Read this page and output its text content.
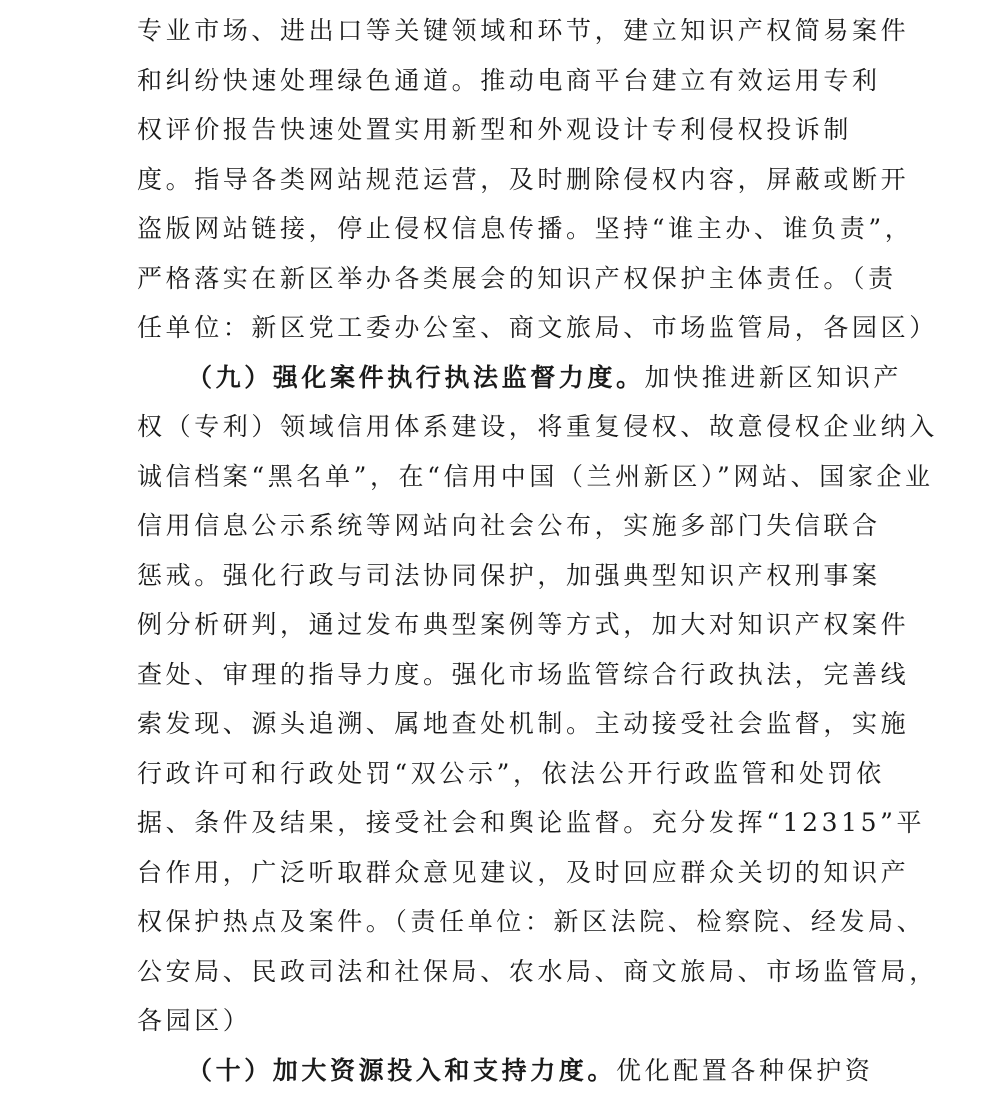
专业市场、进出口等关键领域和环节，建立知识产权简易案件
和纠纷快速处理绿色通道。推动电商平台建立有效运用专利
权评价报告快速处置实用新型和外观设计专利侵权投诉制
度。指导各类网站规范运营，及时删除侵权内容，屏蔽或断开
盗版网站链接，停止侵权信息传播。坚持“谁主办、谁负责”，
严格落实在新区举办各类展会的知识产权保护主体责任。（责
任单位：新区党工委办公室、商文旅局、市场监管局，各园区）
（九）强化案件执行执法监督力度。加快推进新区知识产
权（专利）领域信用体系建设，将重复侵权、故意侵权企业纳入
诚信档案“黑名单”，在“信用中国（兰州新区）”网站、国家企业
信用信息公示系统等网站向社会公布，实施多部门失信联合
惩戒。强化行政与司法协同保护，加强典型知识产权刑事案
例分析研判，通过发布典型案例等方式，加大对知识产权案件
查处、审理的指导力度。强化市场监管综合行政执法，完善线
索发现、源头追溯、属地查处机制。主动接受社会监督，实施
行政许可和行政处罚“双公示”，依法公开行政监管和处罚依
据、条件及结果，接受社会和舆论监督。充分发挥“12315”平
台作用，广泛听取群众意见建议，及时回应群众关切的知识产
权保护热点及案件。（责任单位：新区法院、检察院、经发局、
公安局、民政司法和社保局、农水局、商文旅局、市场监管局，
各园区）
（十）加大资源投入和支持力度。优化配置各种保护资
